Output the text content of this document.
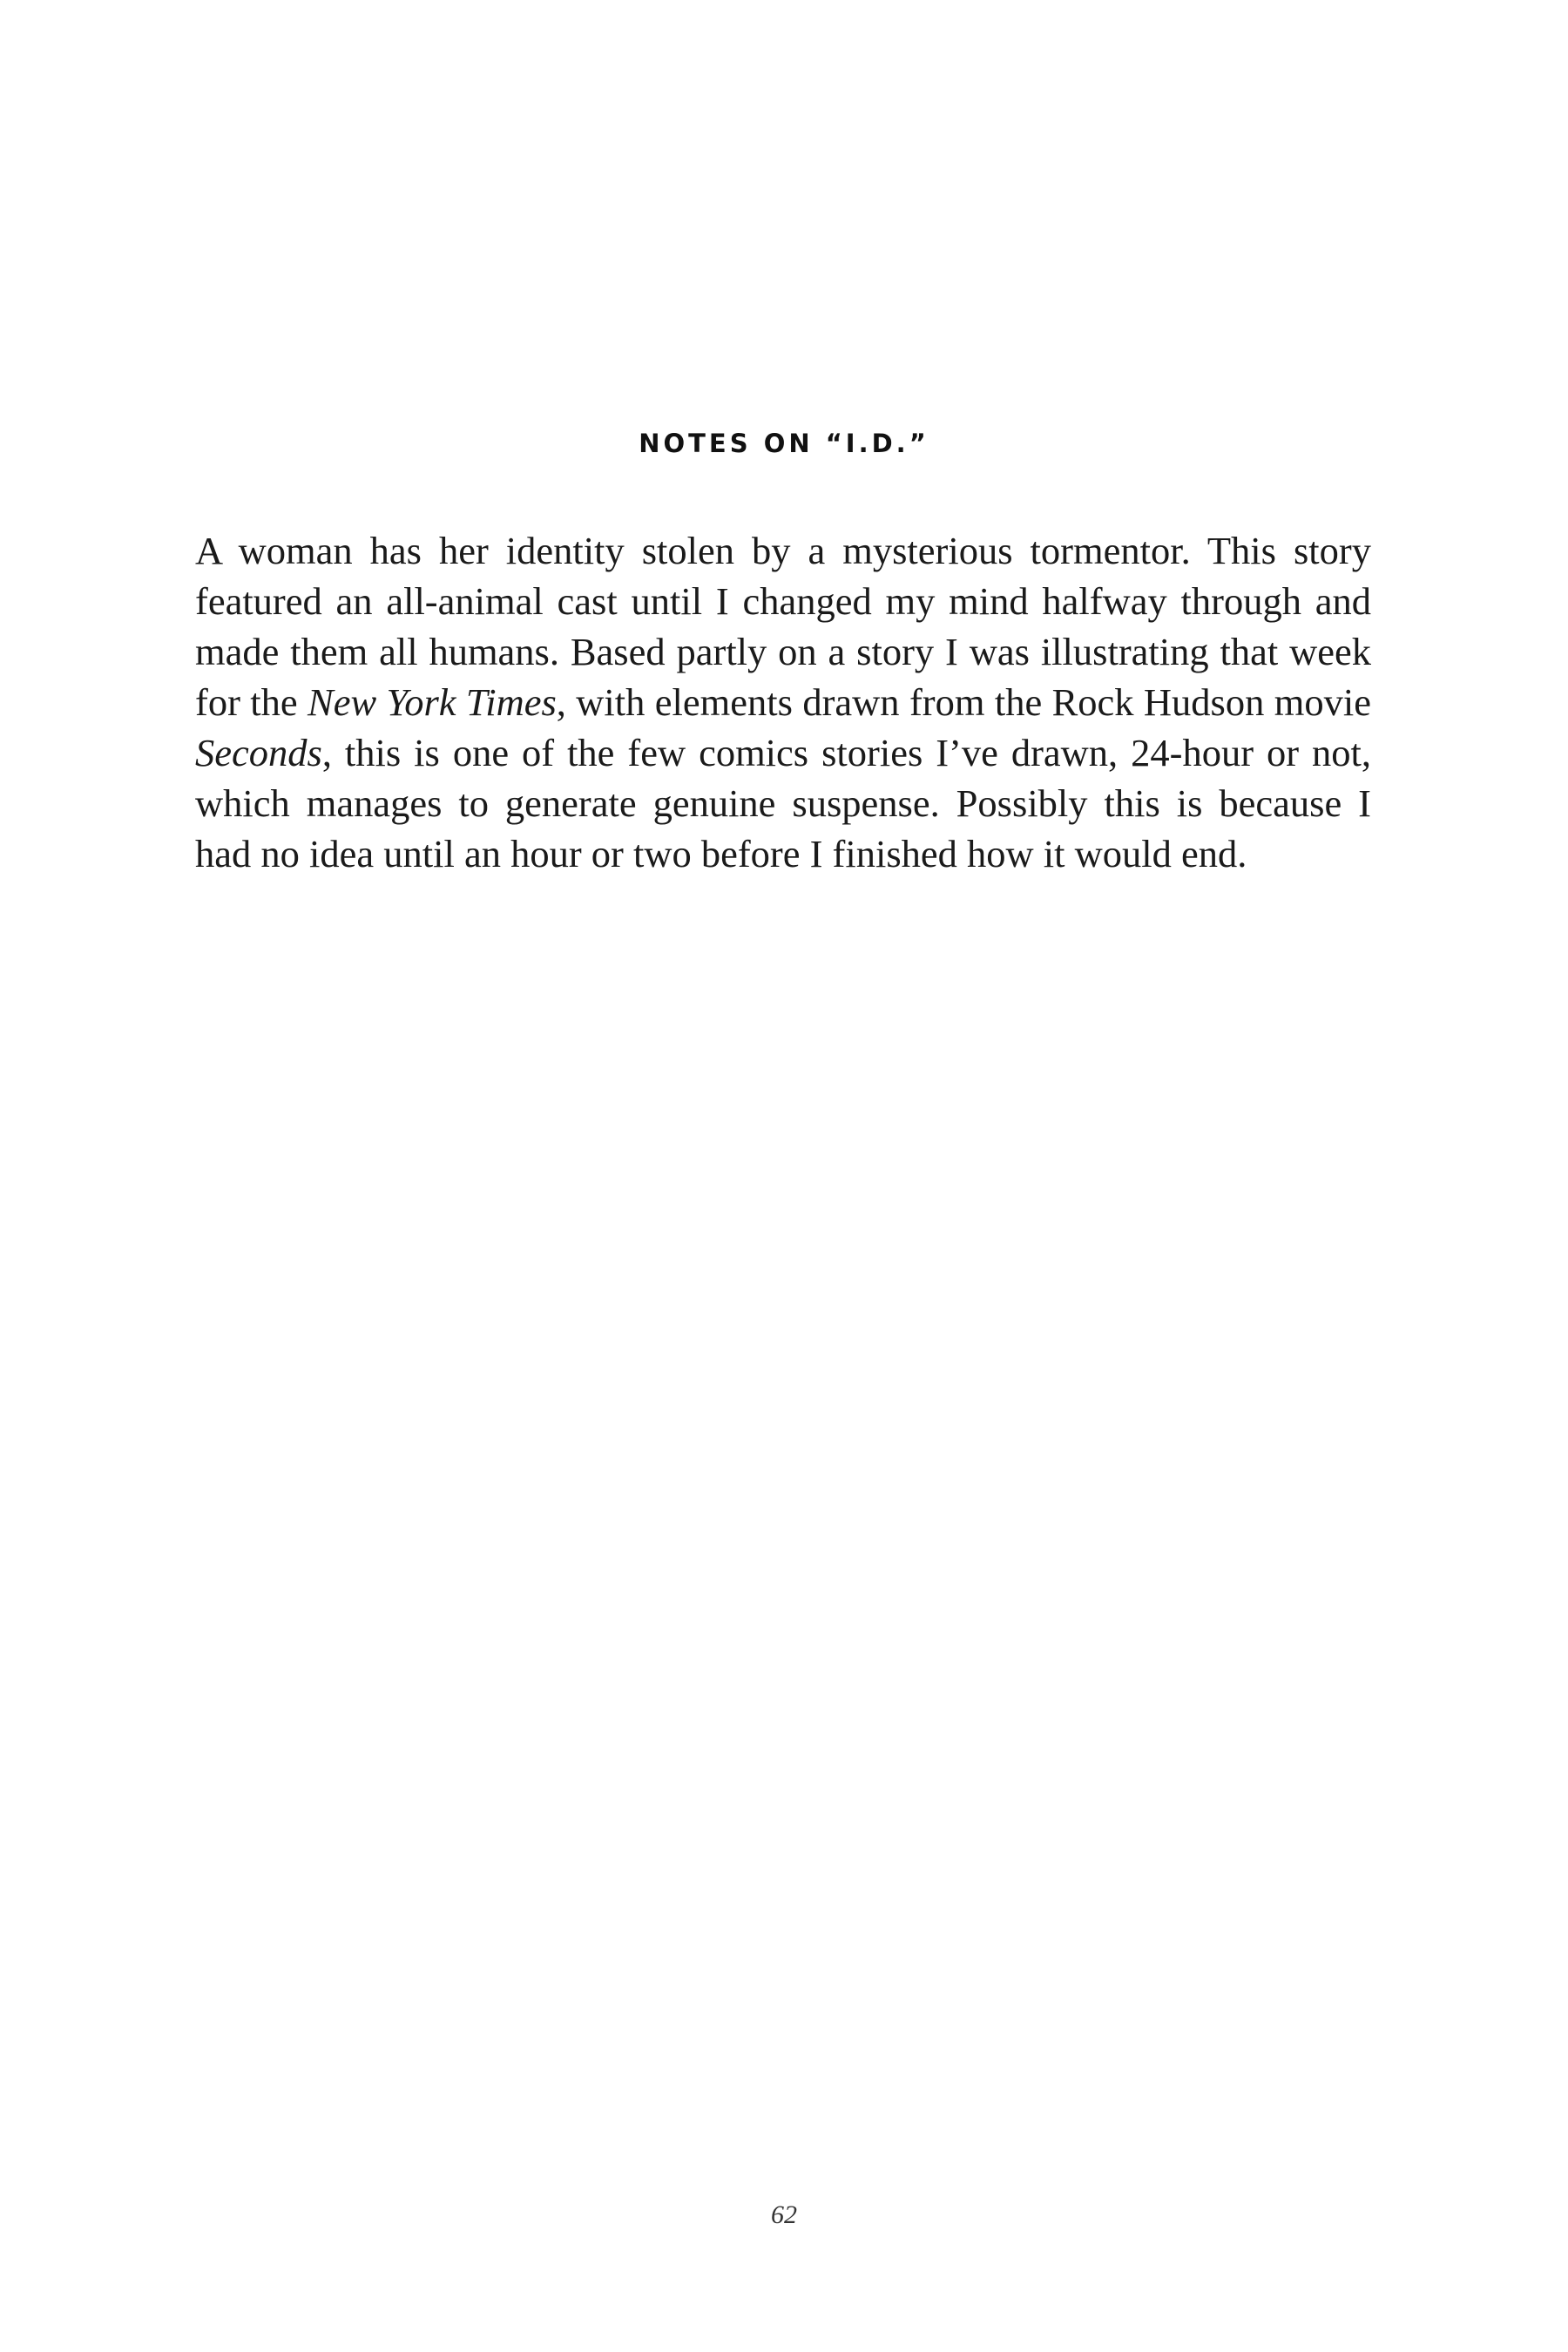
NOTES ON “I.D.”
A woman has her identity stolen by a mysterious tormentor. This story
featured an all-animal cast until I changed my mind halfway through and
made them all humans. Based partly on a story I was illustrating that week
for the New York Times, with elements drawn from the Rock Hudson movie
Seconds, this is one of the few comics stories I’ve drawn, 24-hour or not,
which manages to generate genuine suspense. Possibly this is because I
had no idea until an hour or two before I finished how it would end.
62
